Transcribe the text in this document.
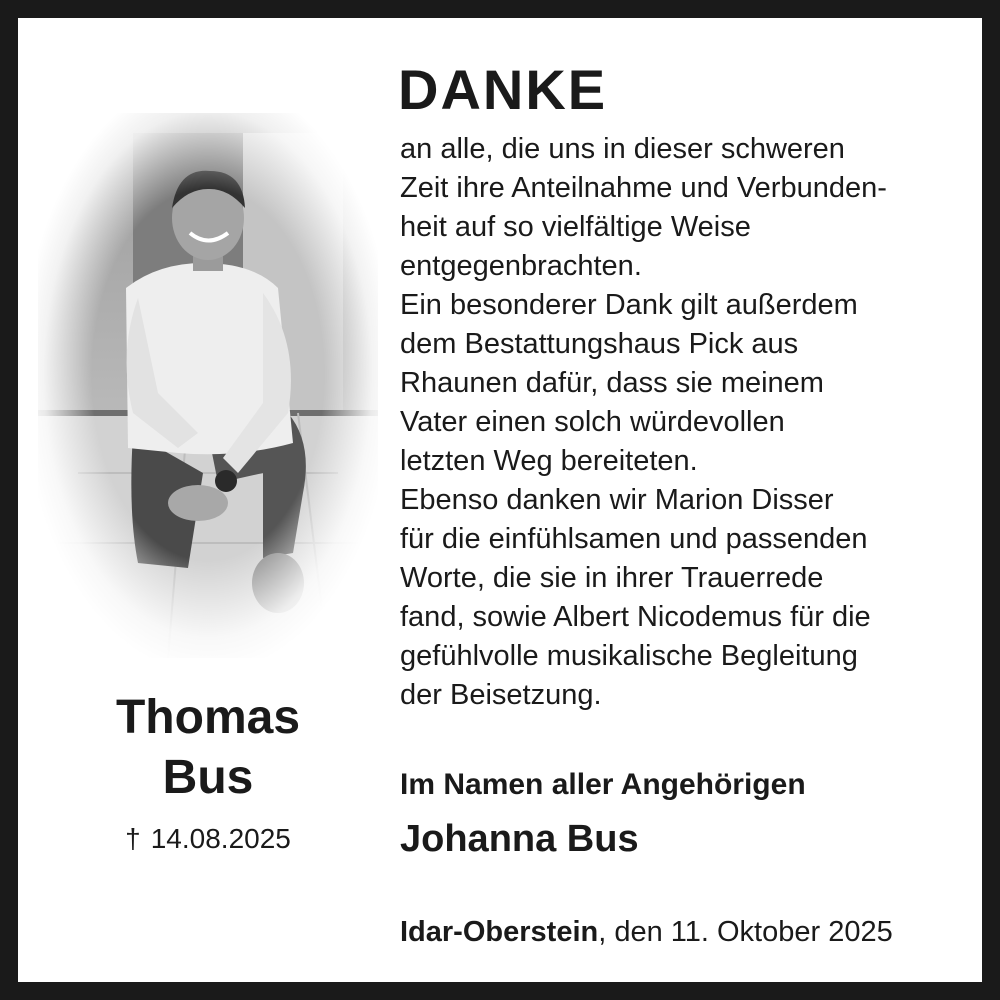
Thomas
Bus
† 14.08.2025
DANKE
an alle, die uns in dieser schweren
Zeit ihre Anteilnahme und Verbunden-
heit auf so vielfältige Weise
entgegenbrachten.
Ein besonderer Dank gilt außerdem
dem Bestattungshaus Pick aus
Rhaunen dafür, dass sie meinem
Vater einen solch würdevollen
letzten Weg bereiteten.
Ebenso danken wir Marion Disser
für die einfühlsamen und passenden
Worte, die sie in ihrer Trauerrede
fand, sowie Albert Nicodemus für die
gefühlvolle musikalische Begleitung
der Beisetzung.
Im Namen aller Angehörigen
Johanna Bus
Idar-Oberstein, den 11. Oktober 2025
